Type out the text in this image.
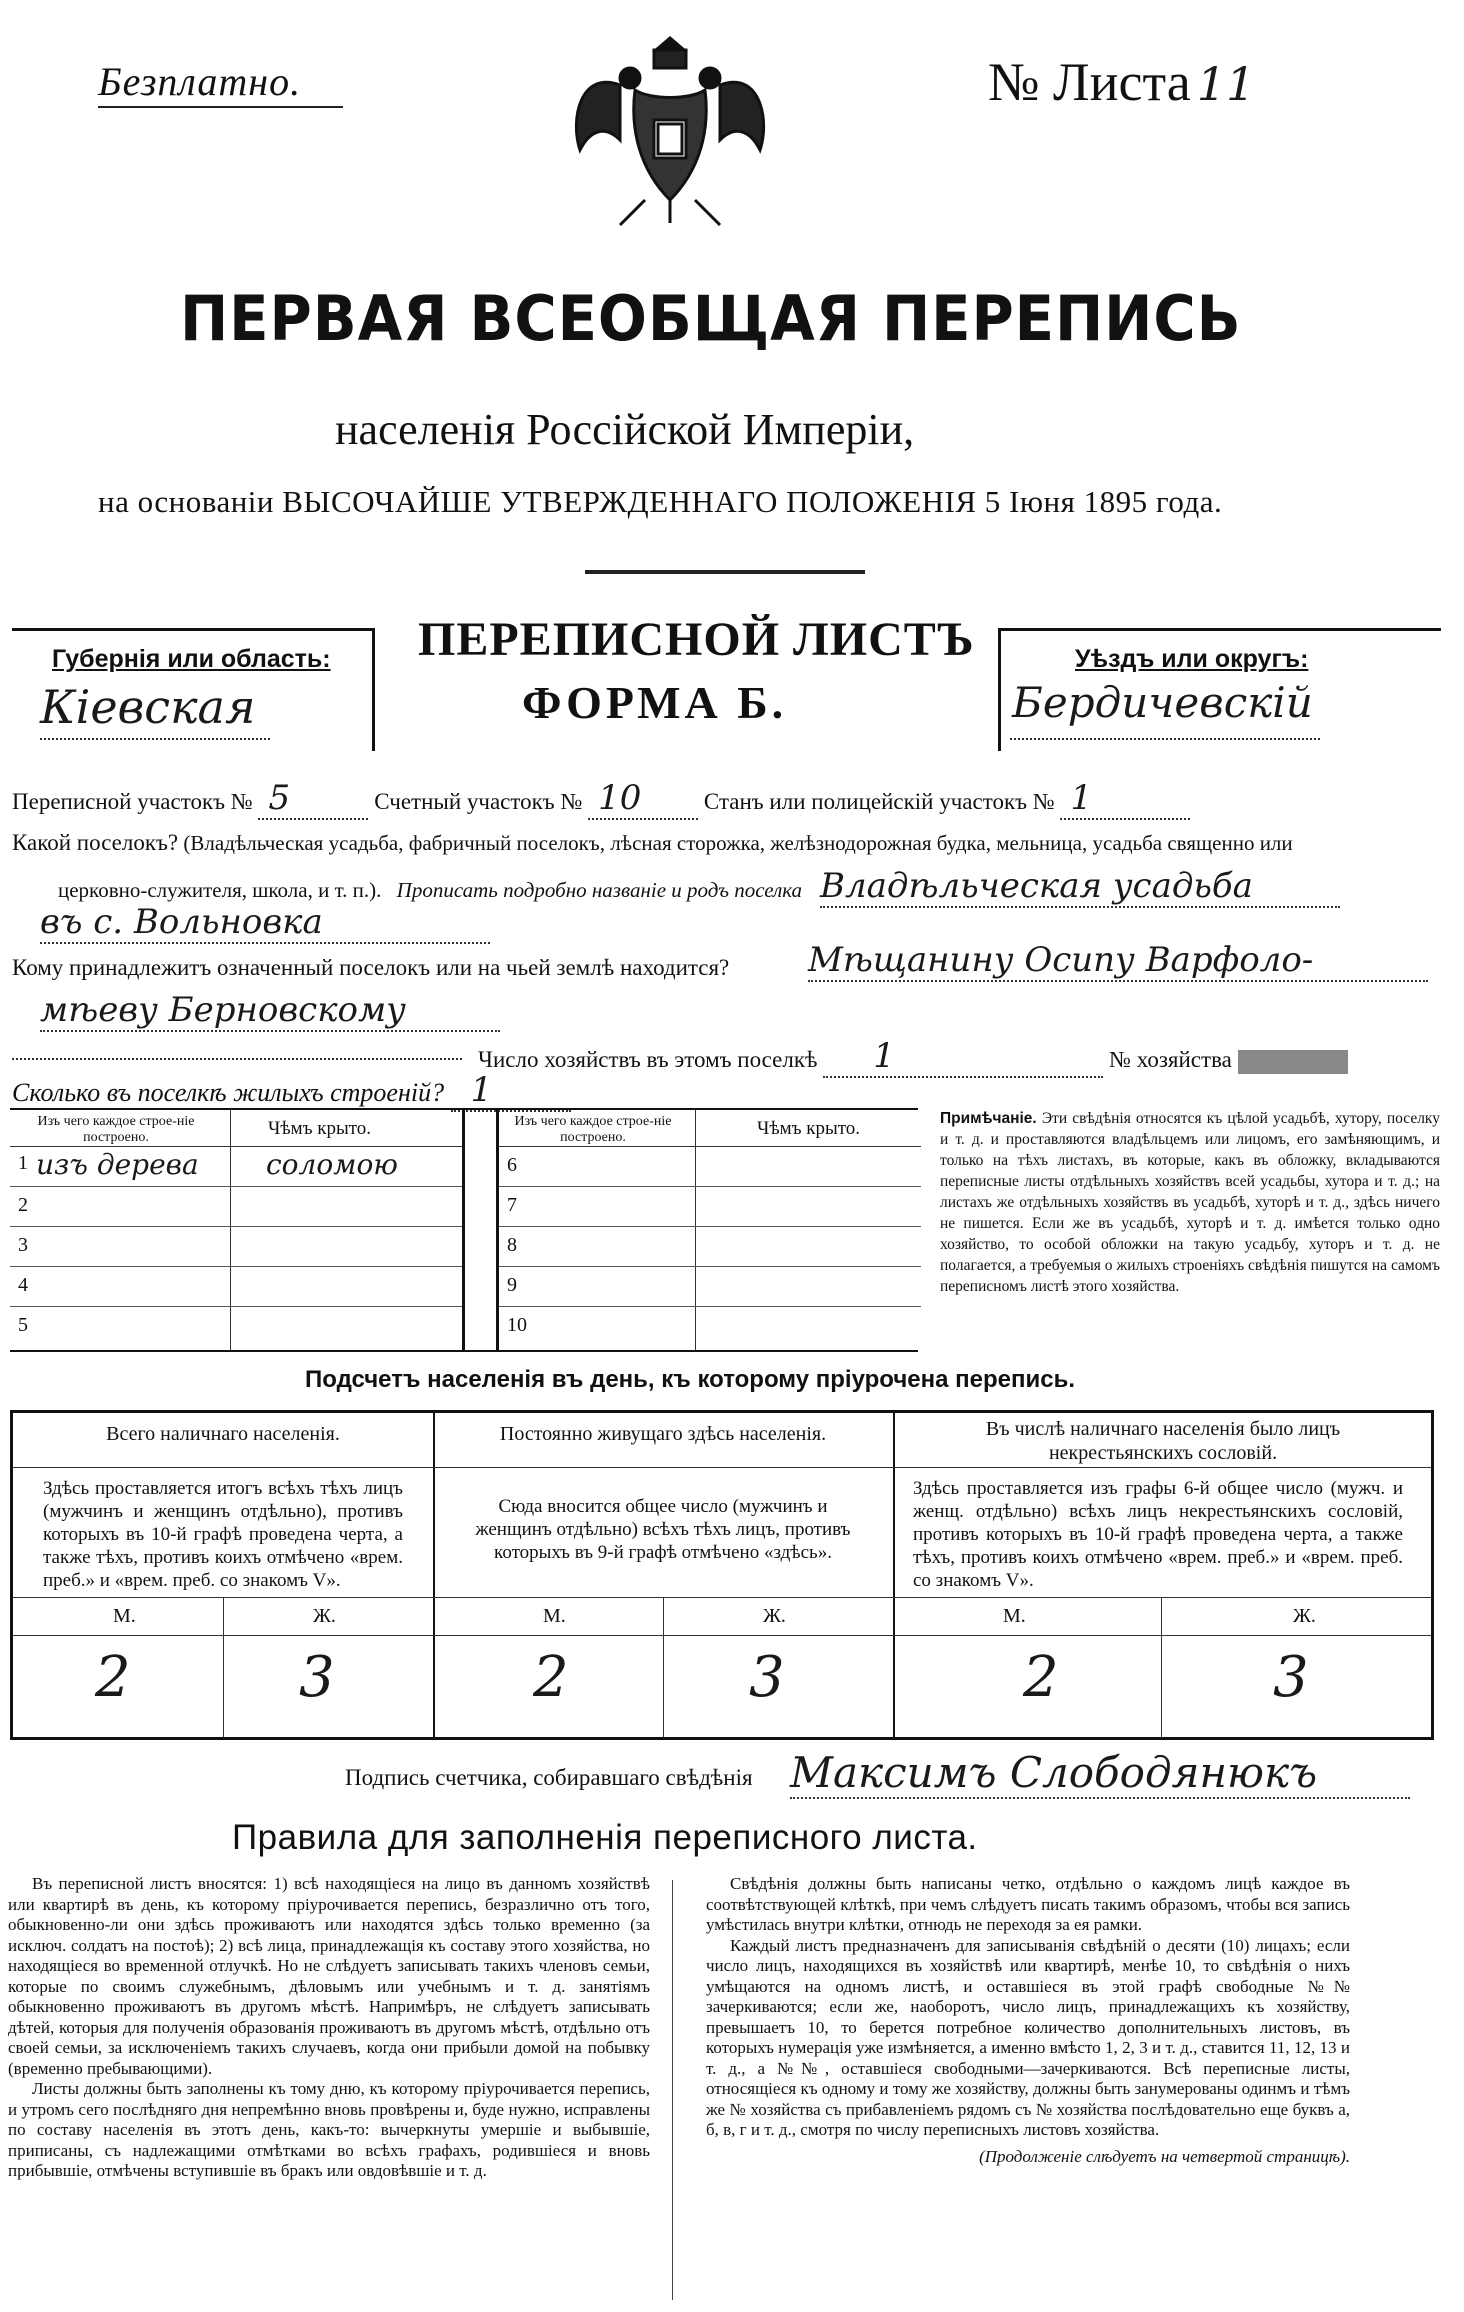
Безплатно.	№ Листа 11
ПЕРВАЯ ВСЕОБЩАЯ ПЕРЕПИСЬ
населенія Россійской Имперіи,
на основаніи ВЫСОЧАЙШЕ УТВЕРЖДЕННАГО ПОЛОЖЕНІЯ 5 Іюня 1895 года.
Губернія или область:
Кіевская
ПЕРЕПИСНОЙ ЛИСТЪ
ФОРМА Б.
Уѣздъ или округъ:
Бердичевскій
Переписной участокъ № 5	Счетный участокъ № 10	Станъ или полицейскій участокъ № 1
Какой поселокъ? (Владѣльческая усадьба, фабричный поселокъ, лѣсная сторожка, желѣзнодорожная будка, мельница, усадьба священно или
церковно-служителя, школа, и т. п.). Прописать подробно названіе и родъ поселка Владѣльческая усадьба
въ с. Вольновка
Кому принадлежитъ означенный поселокъ или на чьей землѣ находится? Мѣщанину Осипу Варфоло-
мѣеву Берновскому
Число хозяйствъ въ этомъ поселкѣ 1	№ хозяйства
Сколько въ поселкѣ жилыхъ строеній? 1
Изъ чего каждое строе-ніе построено.	Чѣмъ крыто.
1 изъ дерева соломою
2
3
4
5
Изъ чего каждое строе-ніе построено.	Чѣмъ крыто.
6
7
8
9
10
Примѣчаніе. Эти свѣдѣнія относятся къ цѣлой усадьбѣ, хутору, поселку и т. д. и проставляются владѣльцемъ или лицомъ, его замѣняющимъ, и только на тѣхъ листахъ, въ которые, какъ въ обложку, вкладываются переписные листы отдѣльныхъ хозяйствъ всей усадьбы, хутора и т. д.; на листахъ же отдѣльныхъ хозяйствъ въ усадьбѣ, хуторѣ и т. д., здѣсь ничего не пишется. Если же въ усадьбѣ, хуторѣ и т. д. имѣется только одно хозяйство, то особой обложки на такую усадьбу, хуторъ и т. д. не полагается, а требуемыя о жилыхъ строеніяхъ свѣдѣнія пишутся на самомъ переписномъ листѣ этого хозяйства.
Подсчетъ населенія въ день, къ которому пріурочена перепись.
Всего наличнаго населенія.
Здѣсь проставляется итогъ всѣхъ тѣхъ лицъ (мужчинъ и женщинъ отдѣльно), противъ которыхъ въ 10-й графѣ проведена черта, а также тѣхъ, противъ коихъ отмѣчено «врем. преб.» и «врем. преб. со знакомъ V».
М.	Ж.
2	3
Постоянно живущаго здѣсь населенія.
Сюда вносится общее число (мужчинъ и женщинъ отдѣльно) всѣхъ тѣхъ лицъ, противъ которыхъ въ 9-й графѣ отмѣчено «здѣсь».
М.	Ж.
2	3
Въ числѣ наличнаго населенія было лицъ некрестьянскихъ сословій.
Здѣсь проставляется изъ графы 6-й общее число (мужч. и женщ. отдѣльно) всѣхъ лицъ некрестьянскихъ сословій, противъ которыхъ въ 10-й графѣ проведена черта, а также тѣхъ, противъ коихъ отмѣчено «врем. преб.» и «врем. преб. со знакомъ V».
М.	Ж.
2	3
Подпись счетчика, собиравшаго свѣдѣнія Максимъ Слободянюкъ
Правила для заполненія переписного листа.
Въ переписной листъ вносятся: 1) всѣ находящіеся на лицо въ данномъ хозяйствѣ или квартирѣ въ день, къ которому пріурочивается перепись, безразлично отъ того, обыкновенно-ли они здѣсь проживаютъ или находятся здѣсь только временно (за исключ. солдатъ на постоѣ); 2) всѣ лица, принадлежащія къ составу этого хозяйства, но находящіеся во временной отлучкѣ. Но не слѣдуетъ записывать такихъ членовъ семьи, которые по своимъ служебнымъ, дѣловымъ или учебнымъ и т. д. занятіямъ обыкновенно проживаютъ въ другомъ мѣстѣ. Напримѣръ, не слѣдуетъ записывать дѣтей, которыя для полученія образованія проживаютъ въ другомъ мѣстѣ, отдѣльно отъ своей семьи, за исключеніемъ такихъ случаевъ, когда они прибыли домой на побывку (временно пребывающими).
Листы должны быть заполнены къ тому дню, къ которому пріурочивается перепись, и утромъ сего послѣдняго дня непремѣнно вновь провѣрены и, буде нужно, исправлены по составу населенія въ этотъ день, какъ-то: вычеркнуты умершіе и выбывшіе, приписаны, съ надлежащими отмѣтками во всѣхъ графахъ, родившіеся и вновь прибывшіе, отмѣчены вступившіе въ бракъ или овдовѣвшіе и т. д.
Свѣдѣнія должны быть написаны четко, отдѣльно о каждомъ лицѣ каждое въ соотвѣтствующей клѣткѣ, при чемъ слѣдуетъ писать такимъ образомъ, чтобы вся запись умѣстилась внутри клѣтки, отнюдь не переходя за ея рамки.
Каждый листъ предназначенъ для записыванія свѣдѣній о десяти (10) лицахъ; если число лицъ, находящихся въ хозяйствѣ или квартирѣ, менѣе 10, то свѣдѣнія о нихъ умѣщаются на одномъ листѣ, и оставшіеся въ этой графѣ свободные №№ зачеркиваются; если же, наоборотъ, число лицъ, принадлежащихъ къ хозяйству, превышаетъ 10, то берется потребное количество дополнительныхъ листовъ, въ которыхъ нумерація уже измѣняется, а именно вмѣсто 1, 2, 3 и т. д., ставится 11, 12, 13 и т. д., а №№, оставшіеся свободными—зачеркиваются. Всѣ переписные листы, относящіеся къ одному и тому же хозяйству, должны быть занумерованы одинмъ и тѣмъ же № хозяйства съ прибавленіемъ рядомъ съ № хозяйства послѣдовательно еще буквъ а, б, в, г и т. д., смотря по числу переписныхъ листовъ хозяйства.
(Продолженіе слѣдуетъ на четвертой страницѣ).
